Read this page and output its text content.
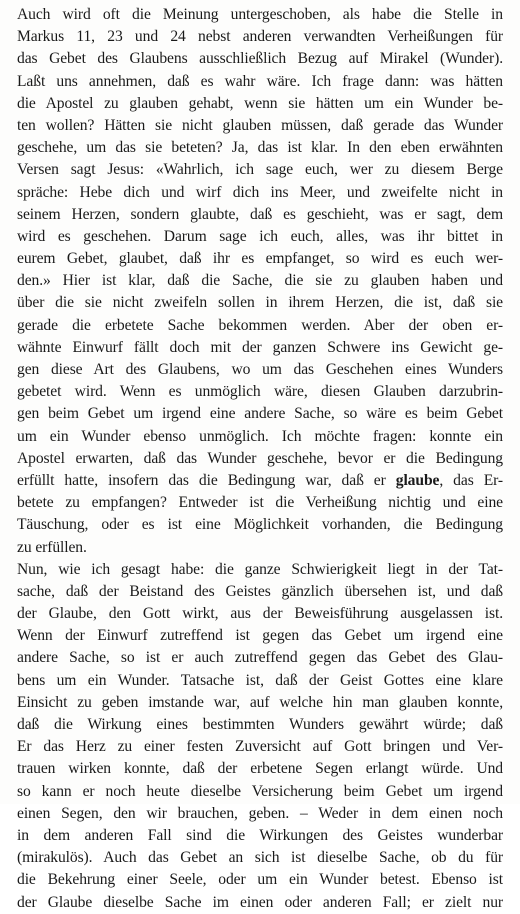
Auch wird oft die Meinung untergeschoben, als habe die Stelle in
Markus 11, 23 und 24 nebst anderen verwandten Verheißungen für
das Gebet des Glaubens ausschließlich Bezug auf Mirakel (Wunder).
Laßt uns annehmen, daß es wahr wäre. Ich frage dann: was hätten
die Apostel zu glauben gehabt, wenn sie hätten um ein Wunder be-
ten wollen? Hätten sie nicht glauben müssen, daß gerade das Wunder
geschehe, um das sie beteten? Ja, das ist klar. In den eben erwähnten
Versen sagt Jesus: «Wahrlich, ich sage euch, wer zu diesem Berge
spräche: Hebe dich und wirf dich ins Meer, und zweifelte nicht in
seinem Herzen, sondern glaubte, daß es geschieht, was er sagt, dem
wird es geschehen. Darum sage ich euch, alles, was ihr bittet in
eurem Gebet, glaubet, daß ihr es empfanget, so wird es euch wer-
den.» Hier ist klar, daß die Sache, die sie zu glauben haben und
über die sie nicht zweifeln sollen in ihrem Herzen, die ist, daß sie
gerade die erbetete Sache bekommen werden. Aber der oben er-
wähnte Einwurf fällt doch mit der ganzen Schwere ins Gewicht ge-
gen diese Art des Glaubens, wo um das Geschehen eines Wunders
gebetet wird. Wenn es unmöglich wäre, diesen Glauben darzubrin-
gen beim Gebet um irgend eine andere Sache, so wäre es beim Gebet
um ein Wunder ebenso unmöglich. Ich möchte fragen: konnte ein
Apostel erwarten, daß das Wunder geschehe, bevor er die Bedingung
erfüllt hatte, insofern das die Bedingung war, daß er glaube, das Er-
betete zu empfangen? Entweder ist die Verheißung nichtig und eine
Täuschung, oder es ist eine Möglichkeit vorhanden, die Bedingung
zu erfüllen.
Nun, wie ich gesagt habe: die ganze Schwierigkeit liegt in der Tat-
sache, daß der Beistand des Geistes gänzlich übersehen ist, und daß
der Glaube, den Gott wirkt, aus der Beweisführung ausgelassen ist.
Wenn der Einwurf zutreffend ist gegen das Gebet um irgend eine
andere Sache, so ist er auch zutreffend gegen das Gebet des Glau-
bens um ein Wunder. Tatsache ist, daß der Geist Gottes eine klare
Einsicht zu geben imstande war, auf welche hin man glauben konnte,
daß die Wirkung eines bestimmten Wunders gewährt würde; daß
Er das Herz zu einer festen Zuversicht auf Gott bringen und Ver-
trauen wirken konnte, daß der erbetene Segen erlangt würde. Und
so kann er noch heute dieselbe Versicherung beim Gebet um irgend
einen Segen, den wir brauchen, geben. – Weder in dem einen noch
in dem anderen Fall sind die Wirkungen des Geistes wunderbar
(mirakulös). Auch das Gebet an sich ist dieselbe Sache, ob du für
die Bekehrung einer Seele, oder um ein Wunder betest. Ebenso ist
der Glaube dieselbe Sache im einen oder anderen Fall; er zielt nur
